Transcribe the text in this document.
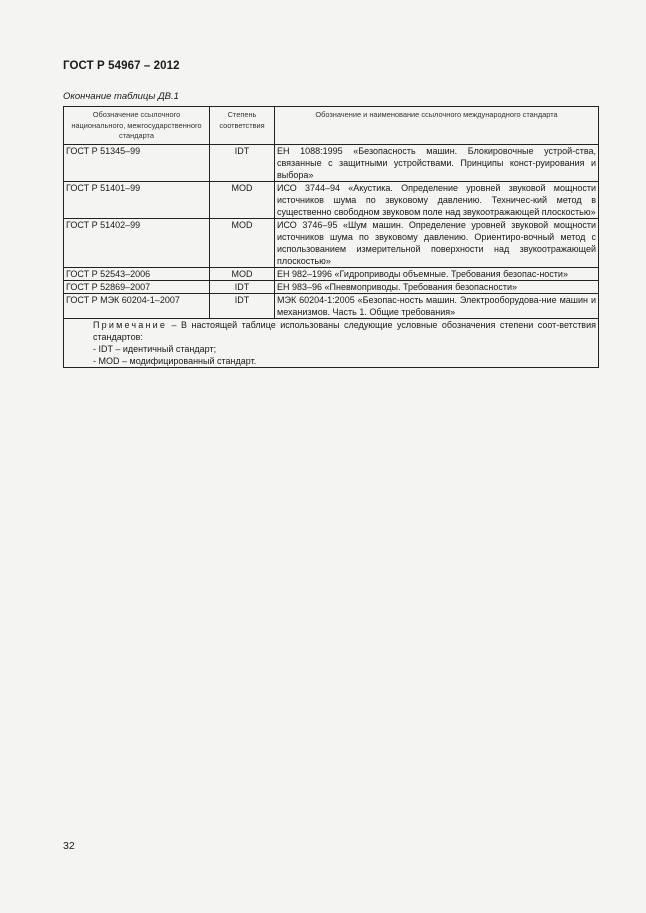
ГОСТ Р 54967 – 2012
Окончание таблицы ДВ.1
Обозначение ссылочного национального, межгосударственного стандарта	Степень соответствия	Обозначение и наименование ссылочного международного стандарта
ГОСТ Р 51345–99	IDT	ЕН 1088:1995 «Безопасность машин. Блокировочные устрой-ства, связанные с защитными устройствами. Принципы конст-руирования и выбора»
ГОСТ Р 51401–99	MOD	ИСО 3744–94 «Акустика. Определение уровней звуковой мощности источников шума по звуковому давлению. Техничес-кий метод в существенно свободном звуковом поле над звукоотражающей плоскостью»
ГОСТ Р 51402–99	MOD	ИСО 3746–95 «Шум машин. Определение уровней звуковой мощности источников шума по звуковому давлению. Ориентиро-вочный метод с использованием измерительной поверхности над звукоотражающей плоскостью»
ГОСТ Р 52543–2006	MOD	ЕН 982–1996 «Гидроприводы объемные. Требования безопас-ности»
ГОСТ Р 52869–2007	IDT	ЕН 983–96 «Пневмоприводы. Требования безопасности»
ГОСТ Р МЭК 60204-1–2007	IDT	МЭК 60204-1:2005 «Безопас-ность машин. Электрооборудова-ние машин и механизмов. Часть 1. Общие требования»

Примечание – В настоящей таблице использованы следующие условные обозначения степени соот-ветствия стандартов:
- IDT – идентичный стандарт;
- MOD – модифицированный стандарт.		
32
